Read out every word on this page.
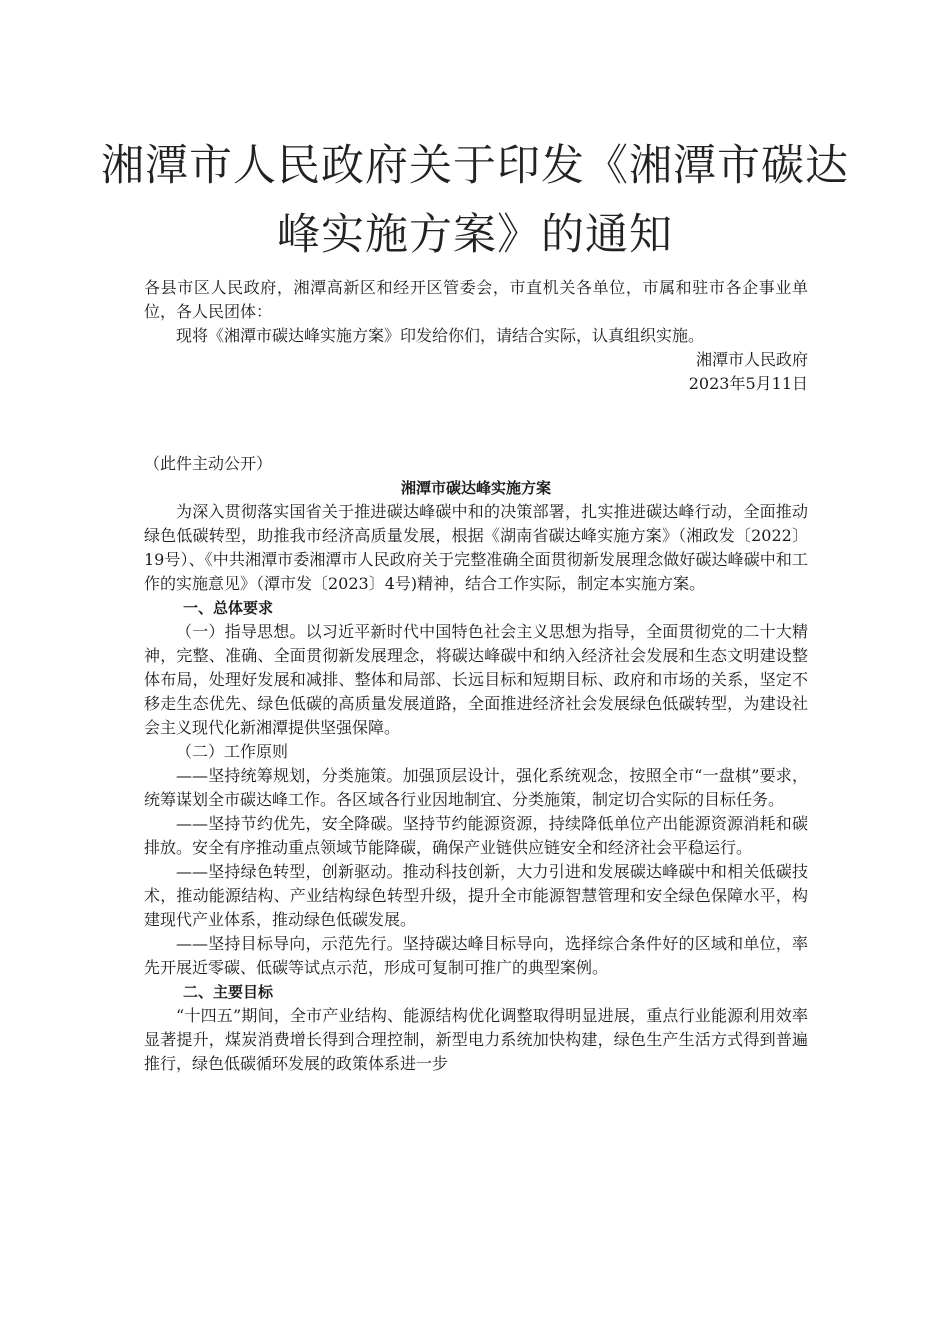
湘潭市人民政府关于印发《湘潭市碳达峰实施方案》的通知

各县市区人民政府，湘潭高新区和经开区管委会，市直机关各单位，市属和驻市各企事业单位，各人民团体：

现将《湘潭市碳达峰实施方案》印发给你们，请结合实际，认真组织实施。

湘潭市人民政府

2023年5月11日

（此件主动公开）

湘潭市碳达峰实施方案

为深入贯彻落实国省关于推进碳达峰碳中和的决策部署，扎实推进碳达峰行动，全面推动绿色低碳转型，助推我市经济高质量发展，根据《湖南省碳达峰实施方案》（湘政发〔2022〕19号）、《中共湘潭市委湘潭市人民政府关于完整准确全面贯彻新发展理念做好碳达峰碳中和工作的实施意见》（潭市发〔2023〕4号)精神，结合工作实际，制定本实施方案。

一、总体要求

（一）指导思想。以习近平新时代中国特色社会主义思想为指导，全面贯彻党的二十大精神，完整、准确、全面贯彻新发展理念，将碳达峰碳中和纳入经济社会发展和生态文明建设整体布局，处理好发展和减排、整体和局部、长远目标和短期目标、政府和市场的关系，坚定不移走生态优先、绿色低碳的高质量发展道路，全面推进经济社会发展绿色低碳转型，为建设社会主义现代化新湘潭提供坚强保障。

（二）工作原则

——坚持统筹规划，分类施策。加强顶层设计，强化系统观念，按照全市“一盘棋”要求，统筹谋划全市碳达峰工作。各区域各行业因地制宜、分类施策，制定切合实际的目标任务。

——坚持节约优先，安全降碳。坚持节约能源资源，持续降低单位产出能源资源消耗和碳排放。安全有序推动重点领域节能降碳，确保产业链供应链安全和经济社会平稳运行。

——坚持绿色转型，创新驱动。推动科技创新，大力引进和发展碳达峰碳中和相关低碳技术，推动能源结构、产业结构绿色转型升级，提升全市能源智慧管理和安全绿色保障水平，构建现代产业体系，推动绿色低碳发展。

——坚持目标导向，示范先行。坚持碳达峰目标导向，选择综合条件好的区域和单位，率先开展近零碳、低碳等试点示范，形成可复制可推广的典型案例。

二、主要目标

“十四五”期间，全市产业结构、能源结构优化调整取得明显进展，重点行业能源利用效率显著提升，煤炭消费增长得到合理控制，新型电力系统加快构建，绿色生产生活方式得到普遍推行，绿色低碳循环发展的政策体系进一步
